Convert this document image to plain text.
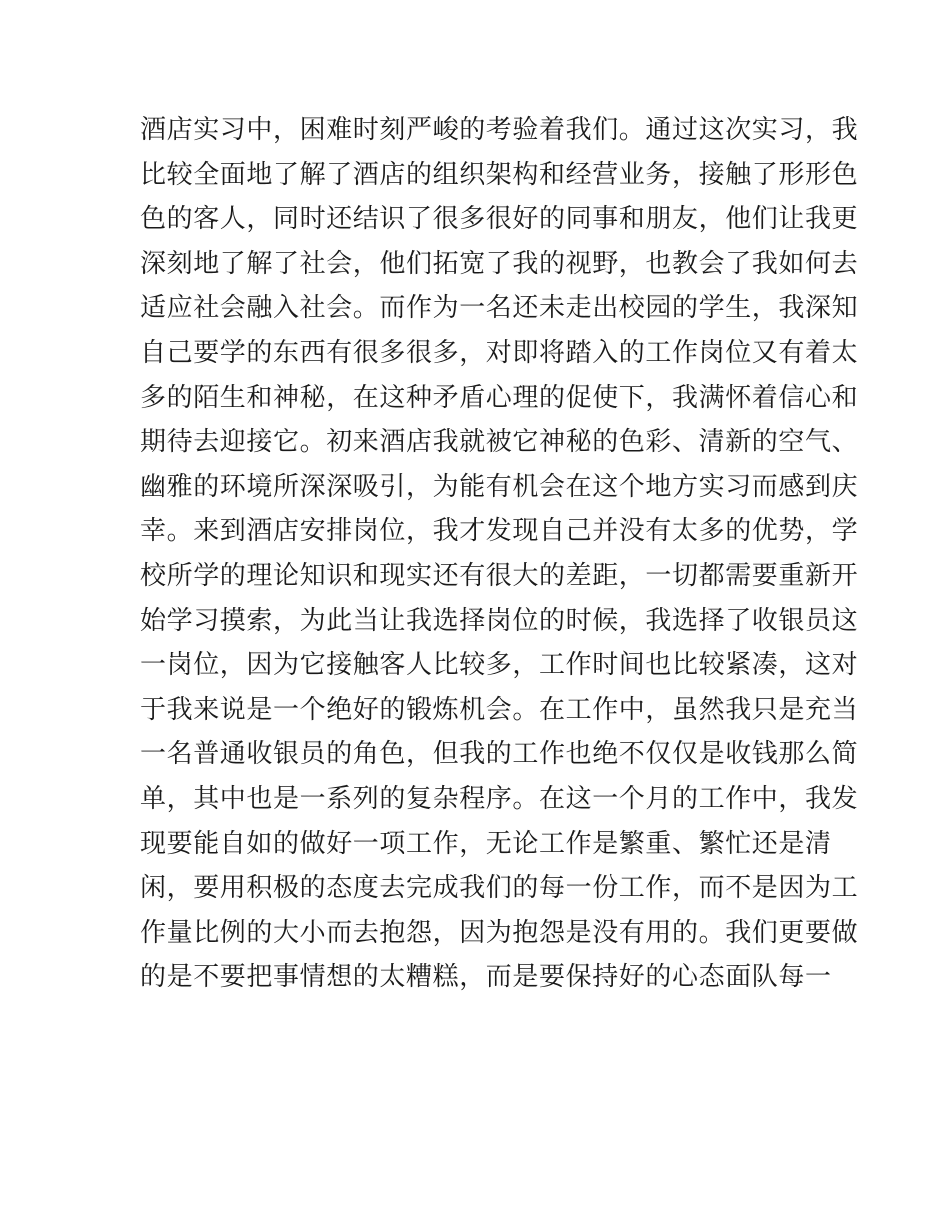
酒店实习中，困难时刻严峻的考验着我们。通过这次实习，我
比较全面地了解了酒店的组织架构和经营业务，接触了形形色
色的客人，同时还结识了很多很好的同事和朋友，他们让我更
深刻地了解了社会，他们拓宽了我的视野，也教会了我如何去
适应社会融入社会。而作为一名还未走出校园的学生，我深知
自己要学的东西有很多很多，对即将踏入的工作岗位又有着太
多的陌生和神秘，在这种矛盾心理的促使下，我满怀着信心和
期待去迎接它。初来酒店我就被它神秘的色彩、清新的空气、
幽雅的环境所深深吸引，为能有机会在这个地方实习而感到庆
幸。来到酒店安排岗位，我才发现自己并没有太多的优势，学
校所学的理论知识和现实还有很大的差距，一切都需要重新开
始学习摸索，为此当让我选择岗位的时候，我选择了收银员这
一岗位，因为它接触客人比较多，工作时间也比较紧凑，这对
于我来说是一个绝好的锻炼机会。在工作中，虽然我只是充当
一名普通收银员的角色，但我的工作也绝不仅仅是收钱那么简
单，其中也是一系列的复杂程序。在这一个月的工作中，我发
现要能自如的做好一项工作，无论工作是繁重、繁忙还是清
闲，要用积极的态度去完成我们的每一份工作，而不是因为工
作量比例的大小而去抱怨，因为抱怨是没有用的。我们更要做
的是不要把事情想的太糟糕，而是要保持好的心态面队每一
